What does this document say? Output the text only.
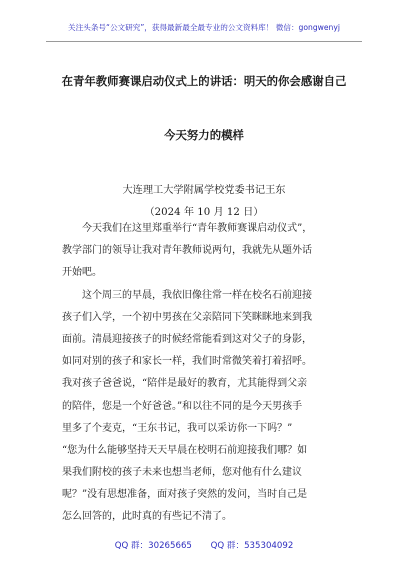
关注头条号“公文研究”，获得最新最全最专业的公文资料库！ 微信：gongwenyj
在青年教师赛课启动仪式上的讲话：明天的你会感谢自己
今天努力的模样
大连理工大学附属学校党委书记王东
（2024 年 10 月 12 日）
　　今天我们在这里郑重举行“青年教师赛课启动仪式”，
教学部门的领导让我对青年教师说两句，我就先从题外话
开始吧。
　　这个周三的早晨，我依旧像往常一样在校名石前迎接
孩子们入学，一个初中男孩在父亲陪同下笑眯眯地来到我
面前。清晨迎接孩子的时候经常能看到这对父子的身影，
如同对别的孩子和家长一样，我们时常微笑着打着招呼。
我对孩子爸爸说，“陪伴是最好的教育，尤其能得到父亲
的陪伴，您是一个好爸爸。”和以往不同的是今天男孩手
里多了个麦克，“王东书记，我可以采访你一下吗？”
“您为什么能够坚持天天早晨在校明石前迎接我们哪？如
果我们附校的孩子未来也想当老师，您对他有什么建议
呢？”没有思想准备，面对孩子突然的发问，当时自己是
怎么回答的，此时真的有些记不清了。
QQ 群：30265665 QQ 群：535304092
